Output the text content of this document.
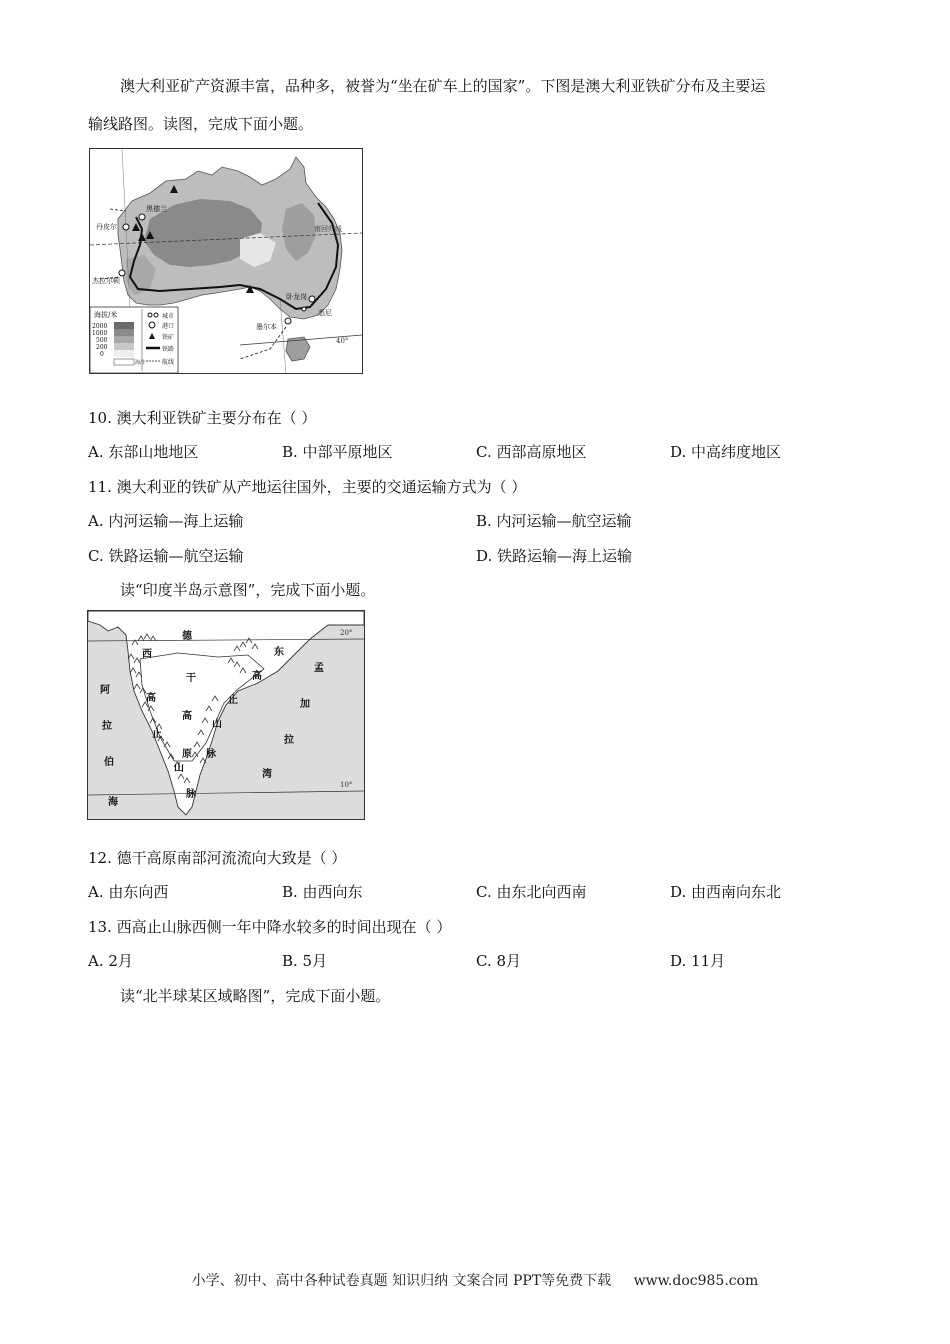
澳大利亚矿产资源丰富，品种多，被誉为“坐在矿车上的国家”。下图是澳大利亚铁矿分布及主要运
输线路图。读图，完成下面小题。
南回归线
40°
黑德兰
丹皮尔
杰拉尔顿
悉尼
卧龙岗
墨尔本
海拔/米
2000
1000
500
200
0
海洋
城市
港口
铁矿
铁路
航线
10. 澳大利亚铁矿主要分布在（ ）
A. 东部山地地区	B. 中部平原地区	C. 西部高原地区	D. 中高纬度地区
11. 澳大利亚的铁矿从产地运往国外，主要的交通运输方式为（ ）
A. 内河运输—海上运输	B. 内河运输—航空运输
C. 铁路运输—航空运输	D. 铁路运输—海上运输
读“印度半岛示意图”，完成下面小题。
20°
10°
德
干
高
原
西
高
止
山
脉
东
高
止
山
脉
阿
拉
伯
海
孟
加
拉
湾
12. 德干高原南部河流流向大致是（ ）
A. 由东向西	B. 由西向东	C. 由东北向西南	D. 由西南向东北
13. 西高止山脉西侧一年中降水较多的时间出现在（ ）
A. 2月	B. 5月	C. 8月	D. 11月
读“北半球某区域略图”，完成下面小题。
小学、初中、高中各种试卷真题 知识归纳 文案合同 PPT等免费下载 www.doc985.com
